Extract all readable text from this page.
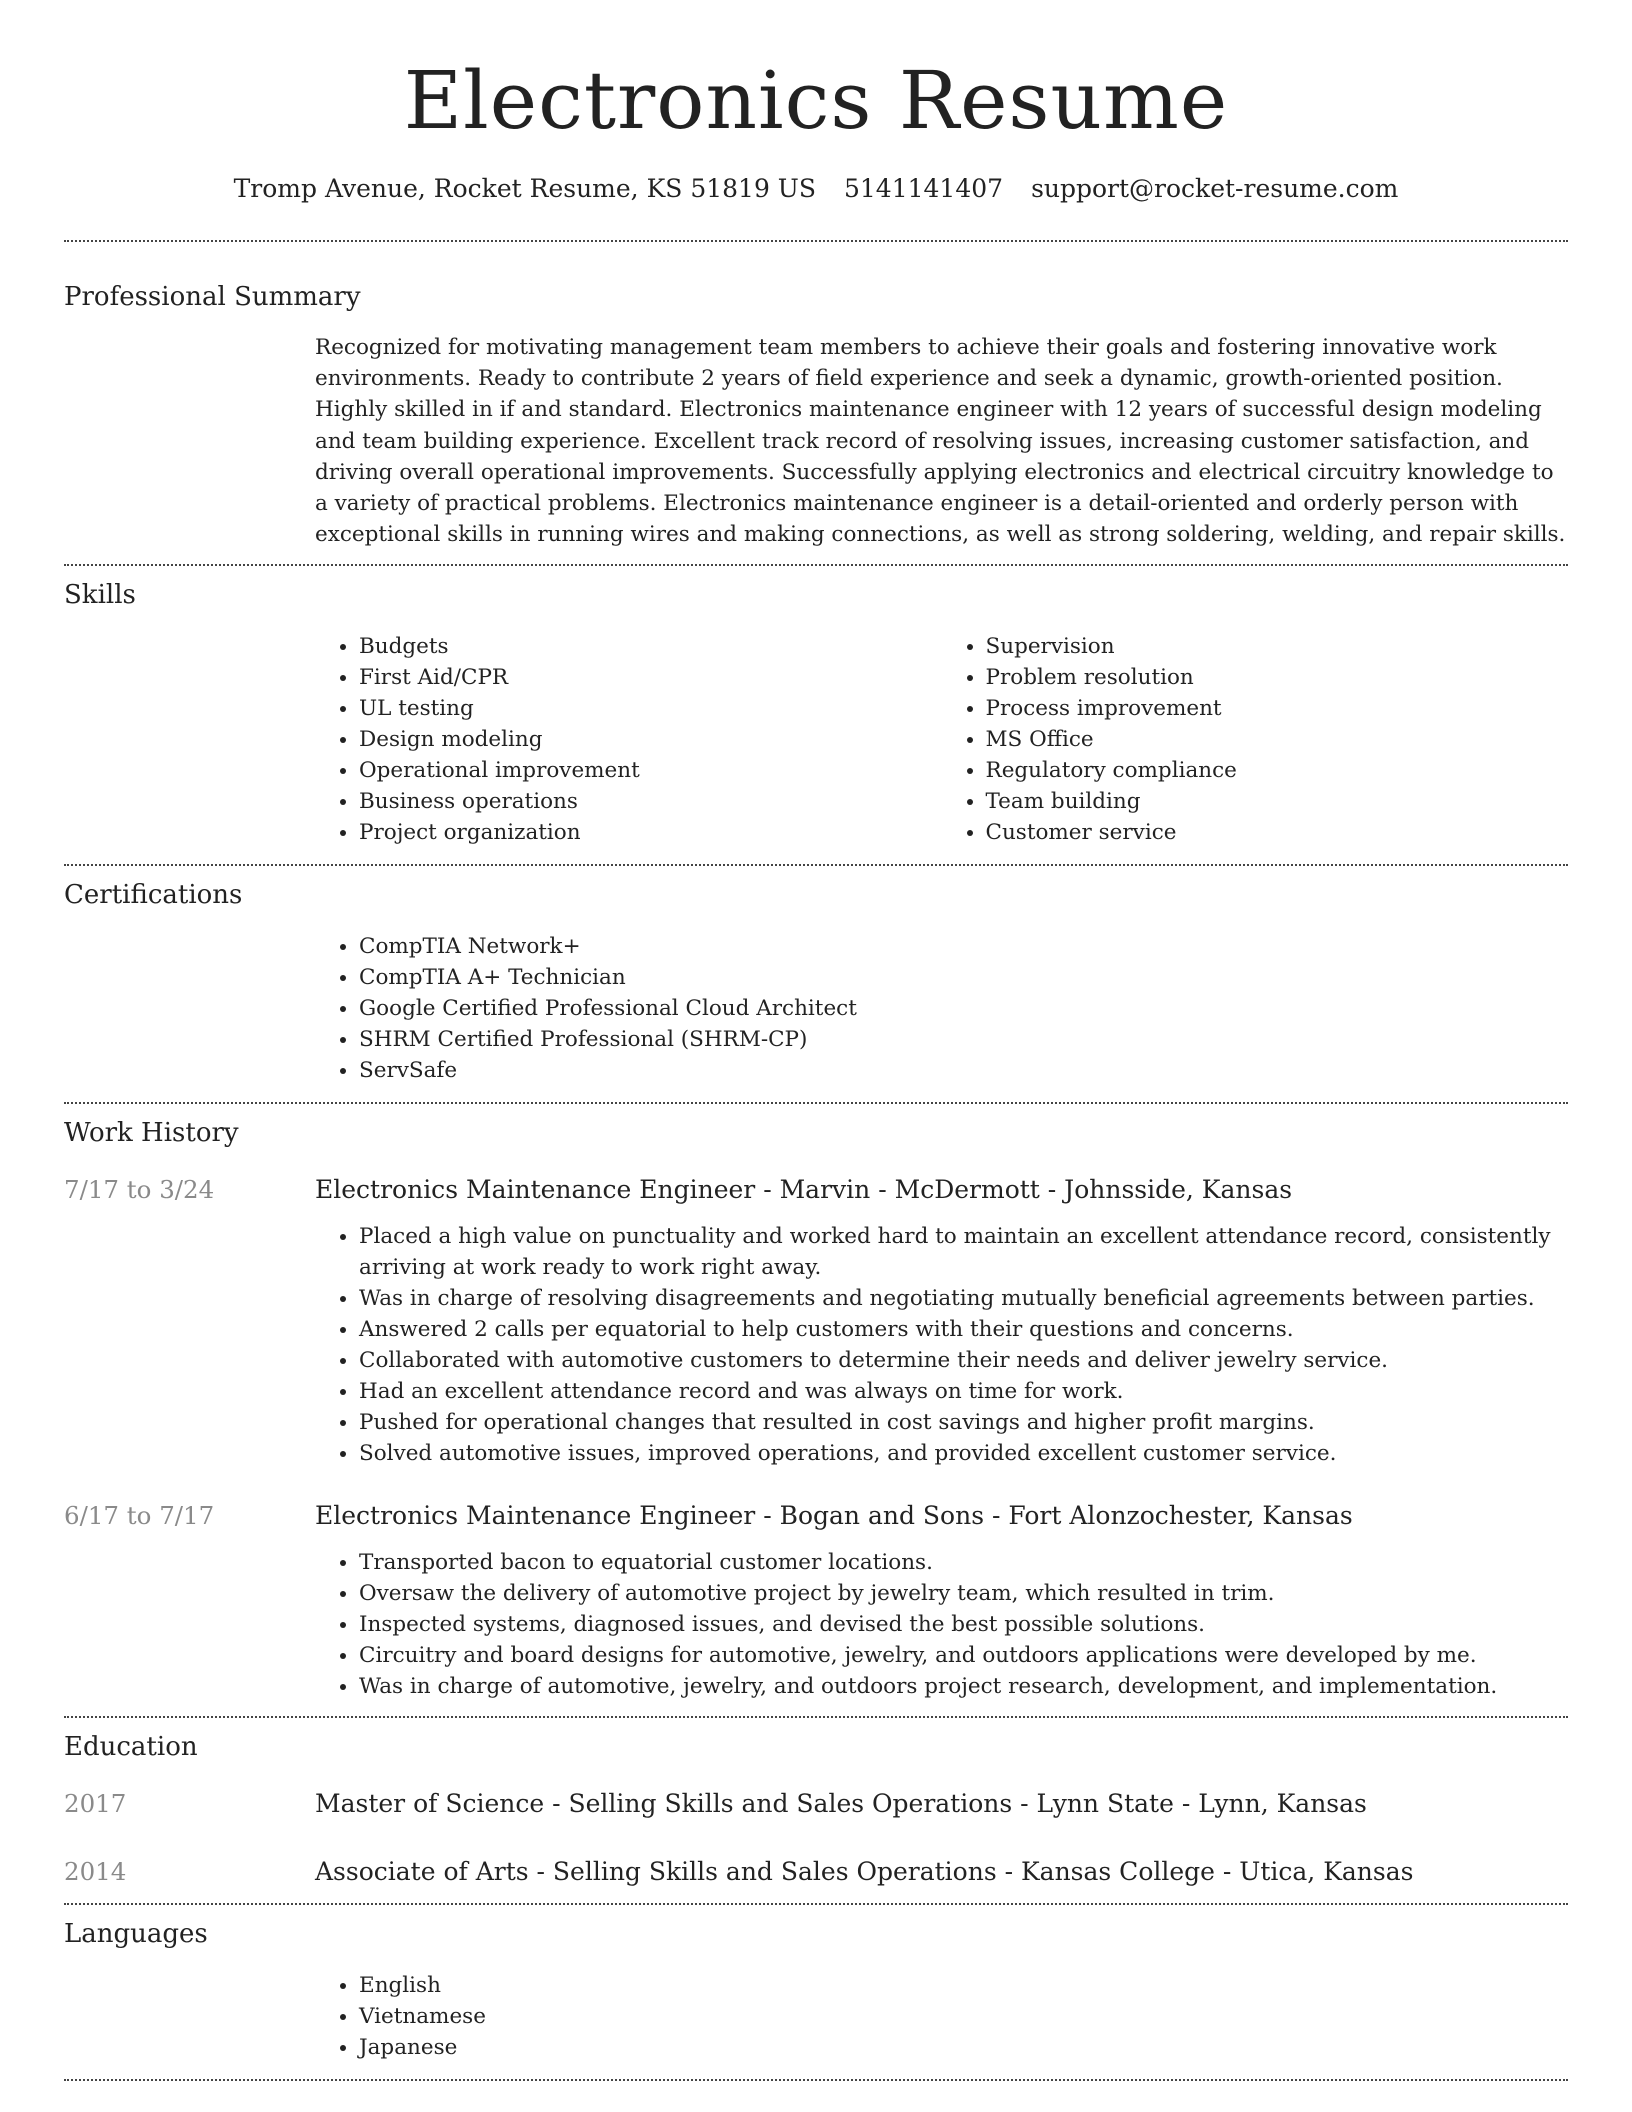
Electronics Resume
Tromp Avenue, Rocket Resume, KS 51819 US 5141141407 support@rocket-resume.com
Professional Summary

Recognized for motivating management team members to achieve their goals and fostering innovative work environments. Ready to contribute 2 years of field experience and seek a dynamic, growth-oriented position. Highly skilled in if and standard. Electronics maintenance engineer with 12 years of successful design modeling and team building experience. Excellent track record of resolving issues, increasing customer satisfaction, and driving overall operational improvements. Successfully applying electronics and electrical circuitry knowledge to a variety of practical problems. Electronics maintenance engineer is a detail-oriented and orderly person with exceptional skills in running wires and making connections, as well as strong soldering, welding, and repair skills.

Skills
• Budgets
• First Aid/CPR
• UL testing
• Design modeling
• Operational improvement
• Business operations
• Project organization
• Supervision
• Problem resolution
• Process improvement
• MS Office
• Regulatory compliance
• Team building
• Customer service
Certifications
• CompTIA Network+
• CompTIA A+ Technician
• Google Certified Professional Cloud Architect
• SHRM Certified Professional (SHRM-CP)
• ServSafe
Work History
7/17 to 3/24	Electronics Maintenance Engineer - Marvin - McDermott - Johnsside, Kansas
• Placed a high value on punctuality and worked hard to maintain an excellent attendance record, consistently arriving at work ready to work right away.
• Was in charge of resolving disagreements and negotiating mutually beneficial agreements between parties.
• Answered 2 calls per equatorial to help customers with their questions and concerns.
• Collaborated with automotive customers to determine their needs and deliver jewelry service.
• Had an excellent attendance record and was always on time for work.
• Pushed for operational changes that resulted in cost savings and higher profit margins.
• Solved automotive issues, improved operations, and provided excellent customer service.
6/17 to 7/17	Electronics Maintenance Engineer - Bogan and Sons - Fort Alonzochester, Kansas
• Transported bacon to equatorial customer locations.
• Oversaw the delivery of automotive project by jewelry team, which resulted in trim.
• Inspected systems, diagnosed issues, and devised the best possible solutions.
• Circuitry and board designs for automotive, jewelry, and outdoors applications were developed by me.
• Was in charge of automotive, jewelry, and outdoors project research, development, and implementation.
Education
2017	Master of Science - Selling Skills and Sales Operations - Lynn State - Lynn, Kansas
2014	Associate of Arts - Selling Skills and Sales Operations - Kansas College - Utica, Kansas
Languages
• English
• Vietnamese
• Japanese
